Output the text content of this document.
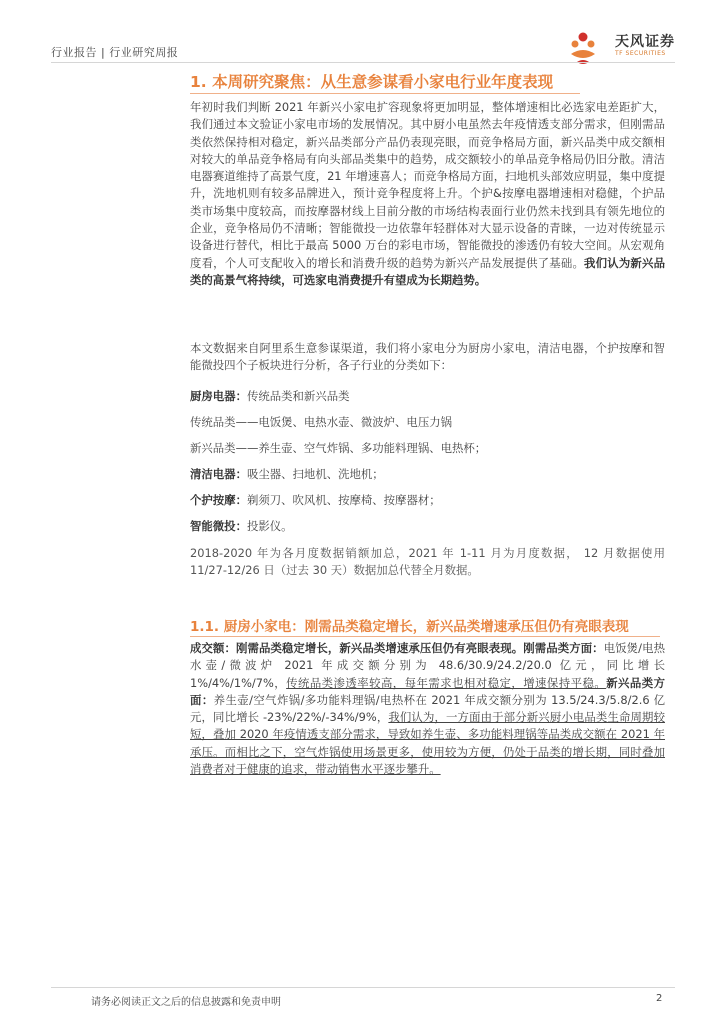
行业报告 | 行业研究周报
天风证券
TF SECURITIES
1. 本周研究聚焦：从生意参谋看小家电行业年度表现
年初时我们判断 2021 年新兴小家电扩容现象将更加明显，整体增速相比必选家电差距扩大，我们通过本文验证小家电市场的发展情况。其中厨小电虽然去年疫情透支部分需求，但刚需品类依然保持相对稳定，新兴品类部分产品仍表现亮眼，而竞争格局方面，新兴品类中成交额相对较大的单品竞争格局有向头部品类集中的趋势，成交额较小的单品竞争格局仍旧分散。清洁电器赛道维持了高景气度，21 年增速喜人；而竞争格局方面，扫地机头部效应明显，集中度提升，洗地机则有较多品牌进入，预计竞争程度将上升。个护&按摩电器增速相对稳健，个护品类市场集中度较高，而按摩器材线上目前分散的市场结构表面行业仍然未找到具有领先地位的企业，竞争格局仍不清晰；智能微投一边依靠年轻群体对大显示设备的青睐，一边对传统显示设备进行替代，相比于最高 5000 万台的彩电市场，智能微投的渗透仍有较大空间。从宏观角度看，个人可支配收入的增长和消费升级的趋势为新兴产品发展提供了基础。我们认为新兴品类的高景气将持续，可选家电消费提升有望成为长期趋势。
本文数据来自阿里系生意参谋渠道，我们将小家电分为厨房小家电，清洁电器，个护按摩和智能微投四个子板块进行分析，各子行业的分类如下：
厨房电器：传统品类和新兴品类
传统品类——电饭煲、电热水壶、微波炉、电压力锅
新兴品类——养生壶、空气炸锅、多功能料理锅、电热杯；
清洁电器：吸尘器、扫地机、洗地机；
个护按摩：剃须刀、吹风机、按摩椅、按摩器材；
智能微投：投影仪。
2018-2020 年为各月度数据销额加总，2021 年 1-11 月为月度数据， 12 月数据使用 11/27-12/26 日（过去 30 天）数据加总代替全月数据。
1.1. 厨房小家电：刚需品类稳定增长，新兴品类增速承压但仍有亮眼表现
成交额：刚需品类稳定增长，新兴品类增速承压但仍有亮眼表现。刚需品类方面：电饭煲/电热水壶/微波炉 2021 年成交额分别为 48.6/30.9/24.2/20.0 亿元，同比增长 1%/4%/1%/7%，传统品类渗透率较高，每年需求也相对稳定，增速保持平稳。新兴品类方面：养生壶/空气炸锅/多功能料理锅/电热杯在 2021 年成交额分别为 13.5/24.3/5.8/2.6 亿元，同比增长 -23%/22%/-34%/9%，我们认为，一方面由于部分新兴厨小电品类生命周期较短，叠加 2020 年疫情透支部分需求，导致如养生壶、多功能料理锅等品类成交额在 2021 年承压。而相比之下，空气炸锅使用场景更多，使用较为方便，仍处于品类的增长期，同时叠加消费者对于健康的追求，带动销售水平逐步攀升。
请务必阅读正文之后的信息披露和免责申明	2
